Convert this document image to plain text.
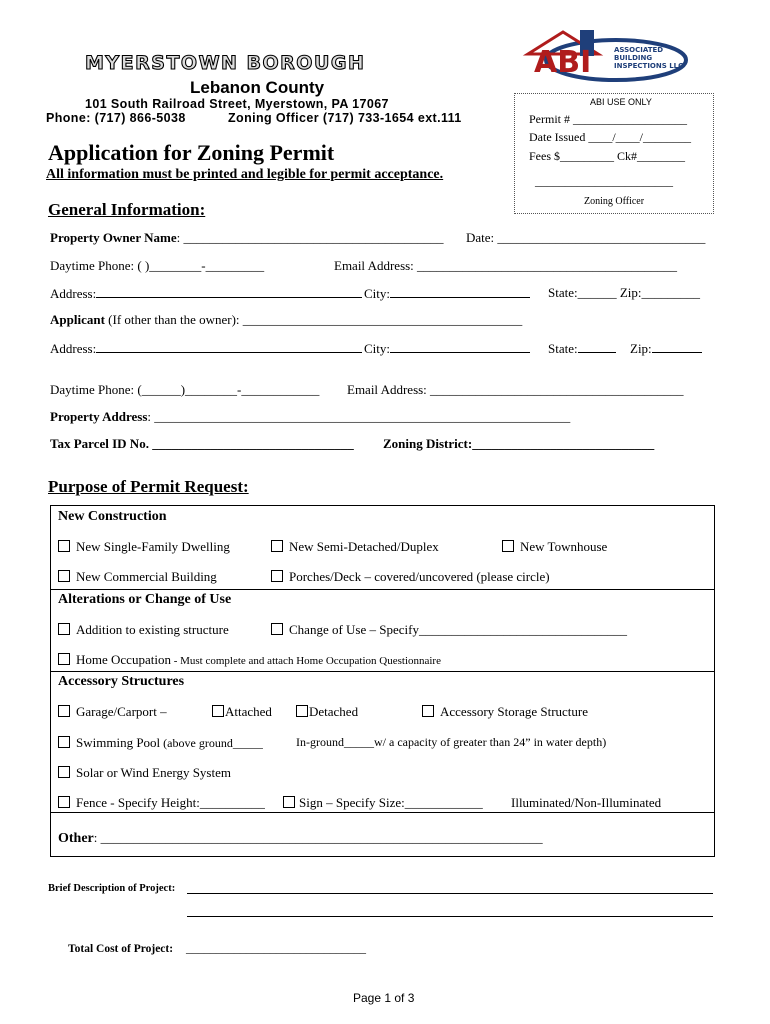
MYERSTOWN BOROUGH
Lebanon County
101 South Railroad Street, Myerstown, PA 17067
Phone: (717) 866-5038	Zoning Officer (717) 733-1654 ext.111
ABI	ASSOCIATED
BUILDING
INSPECTIONS LLC
ABI USE ONLY
Permit # ___________________
Date Issued ____/____/________
Fees $_________ Ck#________
_______________________
Zoning Officer
Application for Zoning Permit
All information must be printed and legible for permit acceptance.
General Information:
Property Owner Name: ________________________________________ Date: ________________________________
Daytime Phone: ( )________-_________	Email Address: ________________________________________
Address:	City:	State:______ Zip:_________
Applicant (If other than the owner): ___________________________________________
Address:	City:	State:	Zip:
Daytime Phone: (______)________-____________ Email Address: _______________________________________
Property Address: ________________________________________________________________
Tax Parcel ID No. _______________________________ Zoning District:____________________________
Purpose of Permit Request:
New Construction
New Single-Family Dwelling	New Semi-Detached/Duplex	New Townhouse
New Commercial Building	Porches/Deck – covered/uncovered (please circle)
Alterations or Change of Use
Addition to existing structure	Change of Use – Specify________________________________
Home Occupation - Must complete and attach Home Occupation Questionnaire
Accessory Structures
Garage/Carport –	Attached	Detached	Accessory Storage Structure
Swimming Pool (above ground_____	In-ground_____w/ a capacity of greater than 24” in water depth)
Solar or Wind Energy System
Fence - Specify Height:__________	Sign – Specify Size:____________ Illuminated/Non-Illuminated
Other: ____________________________________________________________________
Brief Description of Project:
Total Cost of Project: ______________________________
Page 1 of 3
